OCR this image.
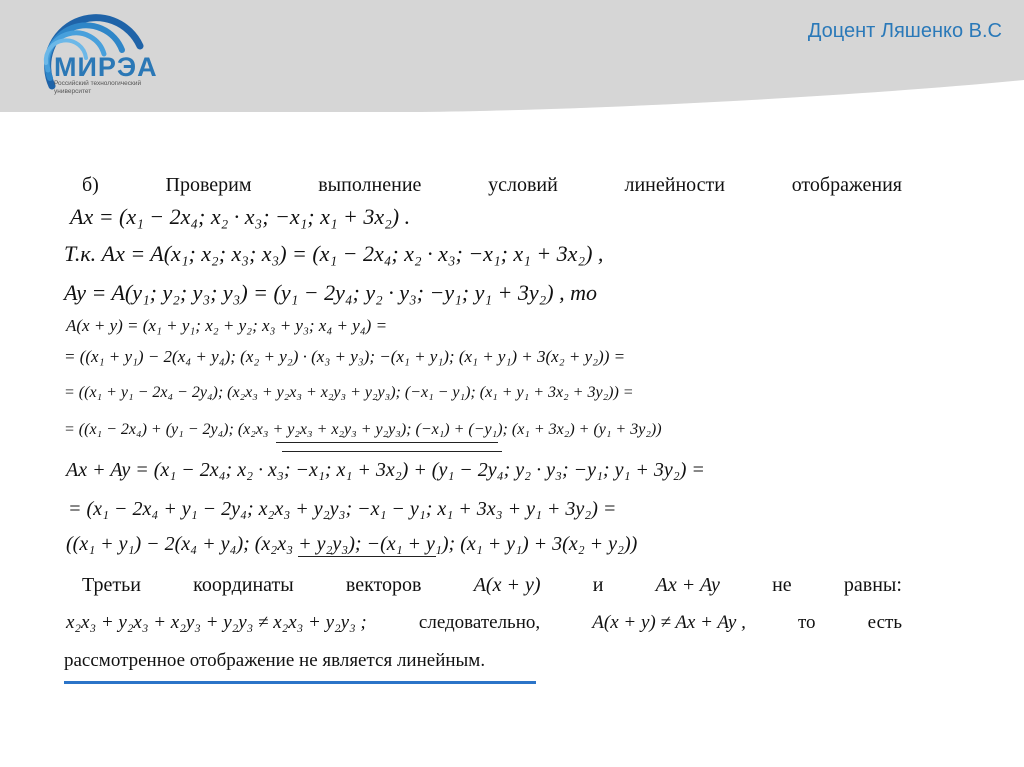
МИРЭА
Российский технологический университет
Доцент Ляшенко В.С
б)	Проверим	выполнение	условий	линейности	отображения
Ax = (x₁ − 2x₄; x₂ · x₃; −x₁; x₁ + 3x₂) .
Т.к. Ax = A(x₁; x₂; x₃; x₃) = (x₁ − 2x₄; x₂ · x₃; −x₁; x₁ + 3x₂) ,
Ay = A(y₁; y₂; y₃; y₃) = (y₁ − 2y₄; y₂ · y₃; −y₁; y₁ + 3y₂) , то
A(x + y) = (x₁ + y₁; x₂ + y₂; x₃ + y₃; x₄ + y₄) =
= ((x₁ + y₁) − 2(x₄ + y₄); (x₂ + y₂) · (x₃ + y₃); −(x₁ + y₁); (x₁ + y₁) + 3(x₂ + y₂)) =
= ((x₁ + y₁ − 2x₄ − 2y₄); (x₂x₃ + y₂x₃ + x₂y₃ + y₂y₃); (−x₁ − y₁); (x₁ + y₁ + 3x₂ + 3y₂)) =
= ((x₁ − 2x₄) + (y₁ − 2y₄); (x₂x₃ + y₂x₃ + x₂y₃ + y₂y₃); (−x₁) + (−y₁); (x₁ + 3x₂) + (y₁ + 3y₂))
Ax + Ay = (x₁ − 2x₄; x₂ · x₃; −x₁; x₁ + 3x₂) + (y₁ − 2y₄; y₂ · y₃; −y₁; y₁ + 3y₂) =
= (x₁ − 2x₄ + y₁ − 2y₄; x₂x₃ + y₂y₃; −x₁ − y₁; x₁ + 3x₃ + y₁ + 3y₂) =
((x₁ + y₁) − 2(x₄ + y₄); (x₂x₃ + y₂y₃); −(x₁ + y₁); (x₁ + y₁) + 3(x₂ + y₂))
Третьи	координаты	векторов	A(x + y)	и	Ax + Ay	не	равны:
x₂x₃ + y₂x₃ + x₂y₃ + y₂y₃ ≠ x₂x₃ + y₂y₃ ;	следовательно,	A(x + y) ≠ Ax + Ay ,	то	есть
рассмотренное отображение не является линейным.
